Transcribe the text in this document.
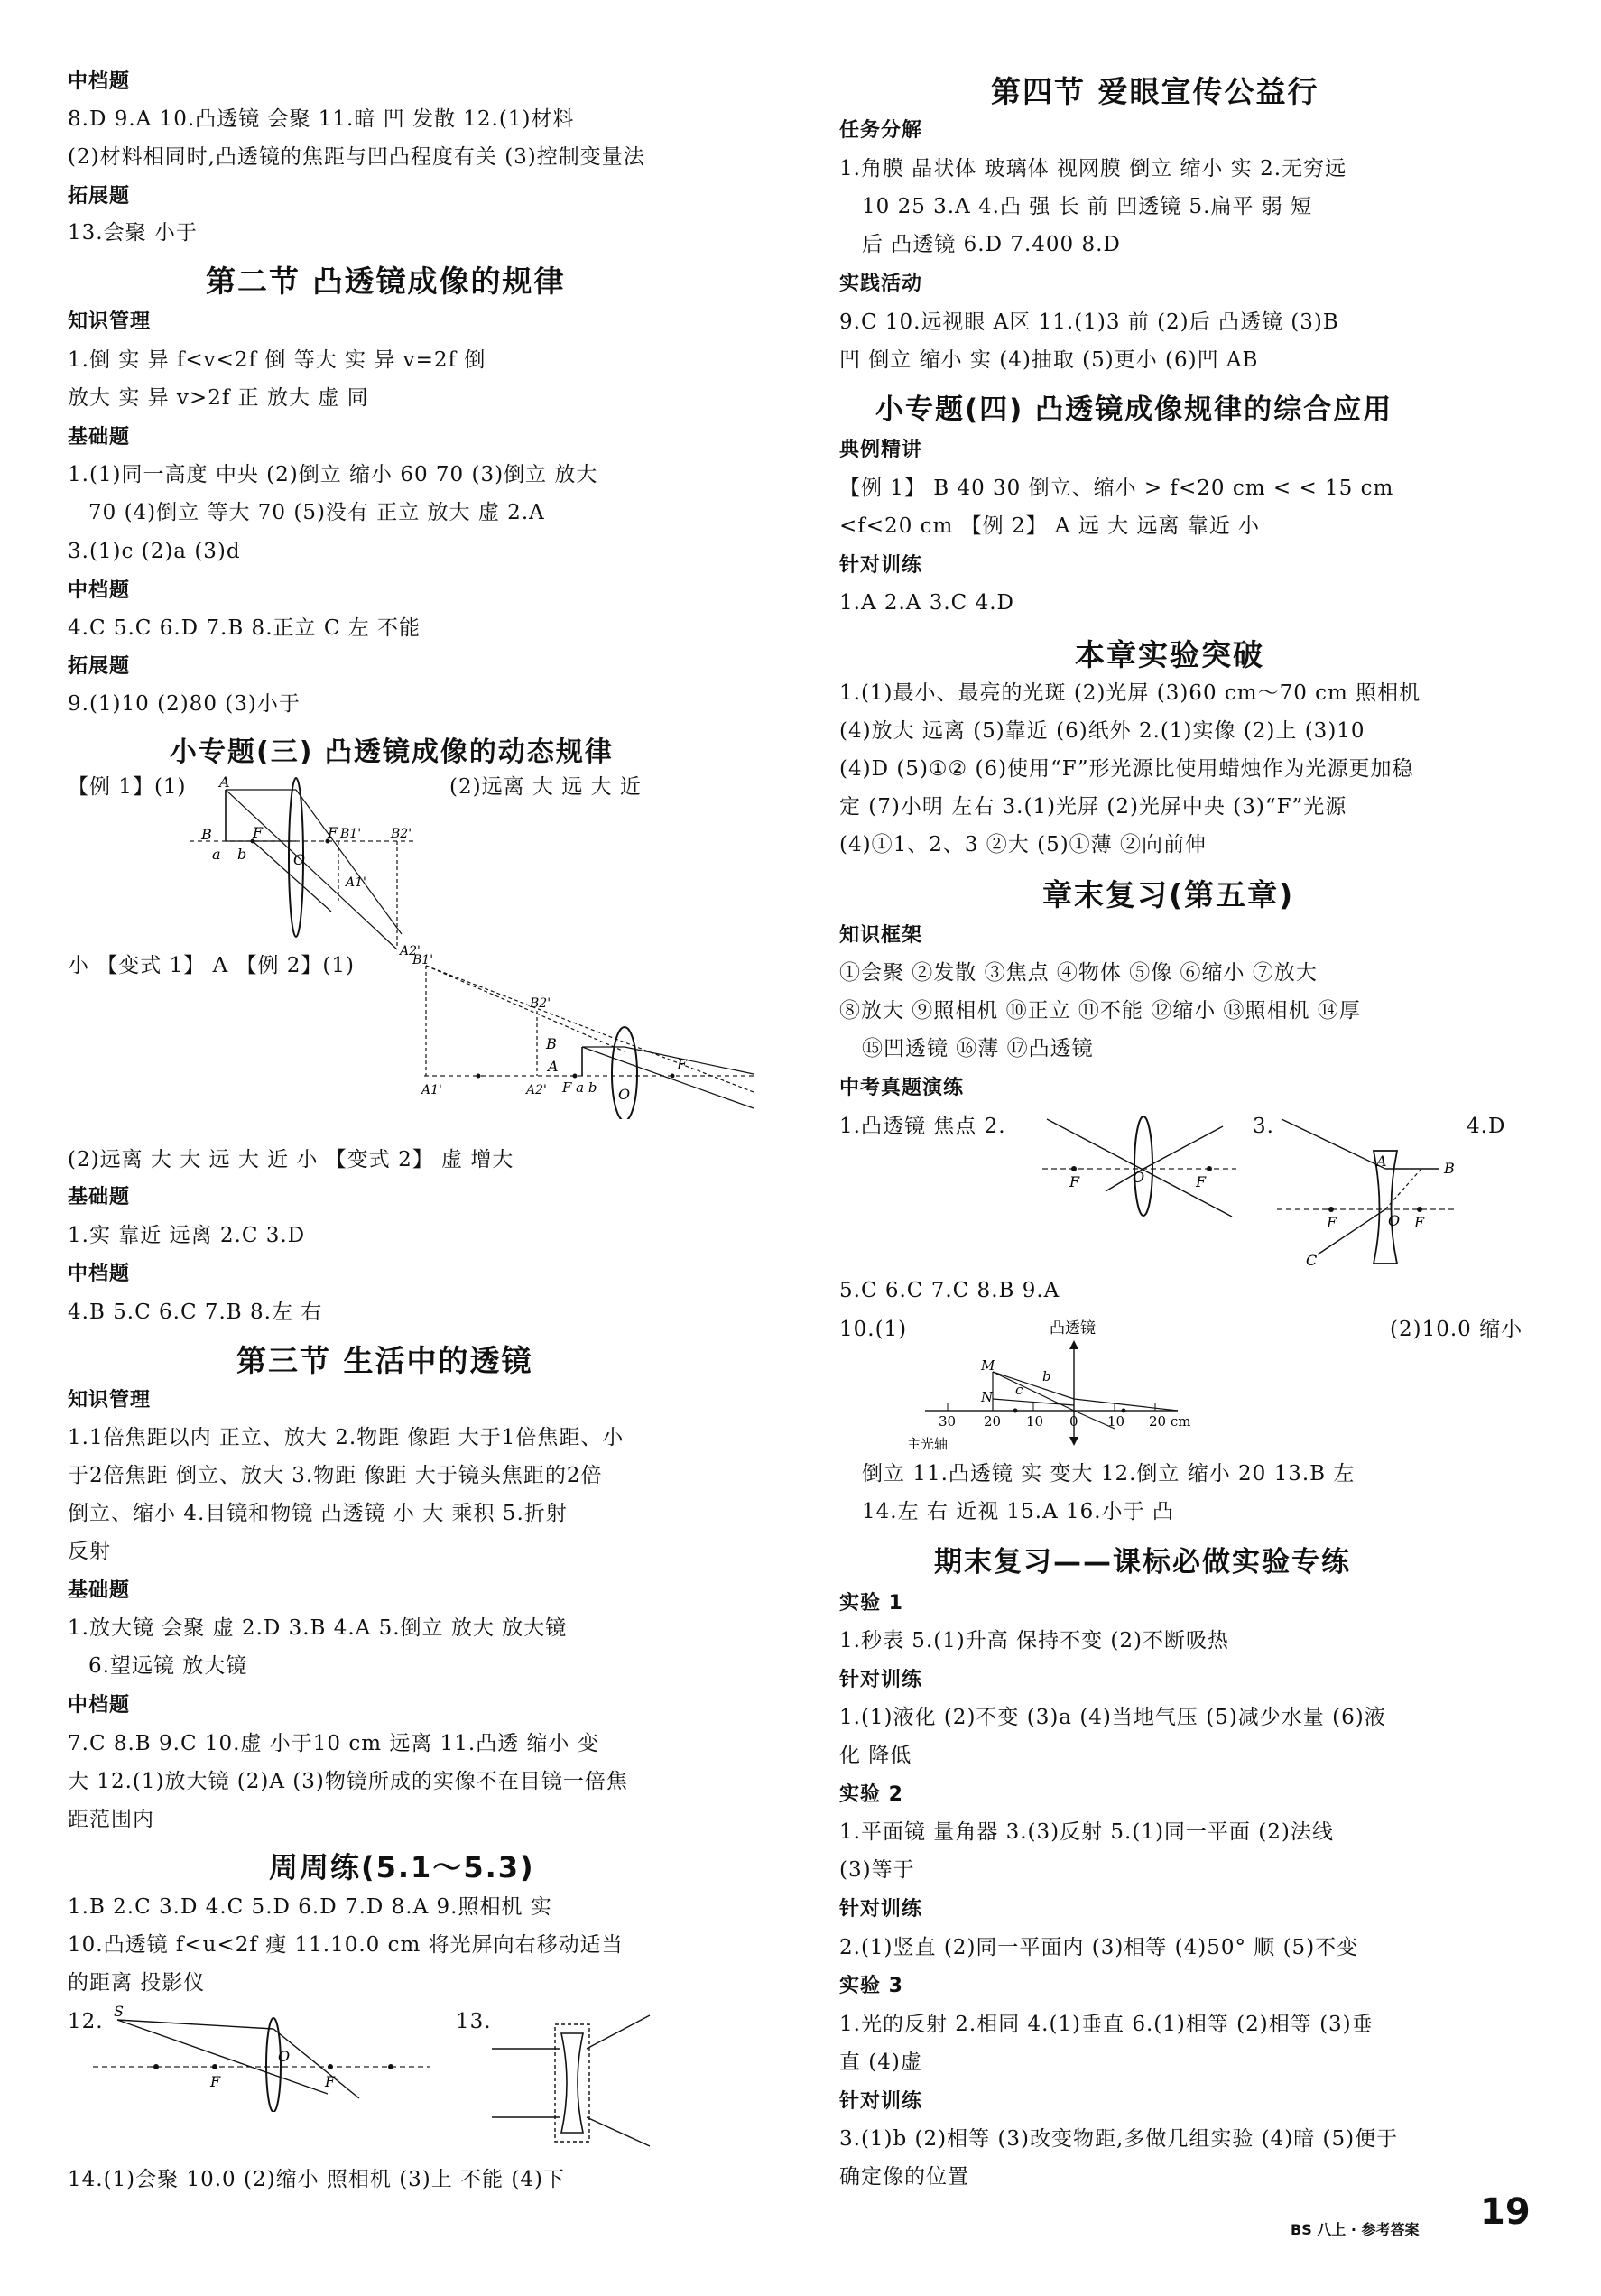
中档题
8.D 9.A 10.凸透镜 会聚 11.暗 凹 发散 12.(1)材料
(2)材料相同时,凸透镜的焦距与凹凸程度有关 (3)控制变量法
拓展题
13.会聚 小于
第二节 凸透镜成像的规律
知识管理
1.倒 实 异 f<v<2f 倒 等大 实 异 v=2f 倒
放大 实 异 v>2f 正 放大 虚 同
基础题
1.(1)同一高度 中央 (2)倒立 缩小 60 70 (3)倒立 放大
70 (4)倒立 等大 70 (5)没有 正立 放大 虚 2.A
3.(1)c (2)a (3)d
中档题
4.C 5.C 6.D 7.B 8.正立 C 左 不能
拓展题
9.(1)10 (2)80 (3)小于
小专题(三) 凸透镜成像的动态规律
【例 1】(1)	(2)远离 大 远 大 近
A
B	F	F
O
B1' B2'
A1'
A2'
a b
小 【变式 1】 A 【例 2】(1)	B1'
B2'
B
A
F a b O
F
A1'	A2'
(2)远离 大 大 远 大 近 小 【变式 2】 虚 增大
基础题
1.实 靠近 远离 2.C 3.D
中档题
4.B 5.C 6.C 7.B 8.左 右
第三节 生活中的透镜
知识管理
1.1倍焦距以内 正立、放大 2.物距 像距 大于1倍焦距、小
于2倍焦距 倒立、放大 3.物距 像距 大于镜头焦距的2倍
倒立、缩小 4.目镜和物镜 凸透镜 小 大 乘积 5.折射
反射
基础题
1.放大镜 会聚 虚 2.D 3.B 4.A 5.倒立 放大 放大镜
6.望远镜 放大镜
中档题
7.C 8.B 9.C 10.虚 小于10 cm 远离 11.凸透 缩小 变
大 12.(1)放大镜 (2)A (3)物镜所成的实像不在目镜一倍焦
距范围内
周周练(5.1～5.3)
1.B 2.C 3.D 4.C 5.D 6.D 7.D 8.A 9.照相机 实
10.凸透镜 f<u<2f 瘦 11.10.0 cm 将光屏向右移动适当
的距离 投影仪
12. S
F
O
F
13.
14.(1)会聚 10.0 (2)缩小 照相机 (3)上 不能 (4)下
第四节 爱眼宣传公益行
任务分解
1.角膜 晶状体 玻璃体 视网膜 倒立 缩小 实 2.无穷远
10 25 3.A 4.凸 强 长 前 凹透镜 5.扁平 弱 短
后 凸透镜 6.D 7.400 8.D
实践活动
9.C 10.远视眼 A区 11.(1)3 前 (2)后 凸透镜 (3)B
凹 倒立 缩小 实 (4)抽取 (5)更小 (6)凹 AB
小专题(四) 凸透镜成像规律的综合应用
典例精讲
【例 1】 B 40 30 倒立、缩小 > f<20 cm < < 15 cm
<f<20 cm 【例 2】 A 远 大 远离 靠近 小
针对训练
1.A 2.A 3.C 4.D
本章实验突破
1.(1)最小、最亮的光斑 (2)光屏 (3)60 cm～70 cm 照相机
(4)放大 远离 (5)靠近 (6)纸外 2.(1)实像 (2)上 (3)10
(4)D (5)①② (6)使用“F”形光源比使用蜡烛作为光源更加稳
定 (7)小明 左右 3.(1)光屏 (2)光屏中央 (3)“F”光源
(4)①1、2、3 ②大 (5)①薄 ②向前伸
章末复习(第五章)
知识框架
①会聚 ②发散 ③焦点 ④物体 ⑤像 ⑥缩小 ⑦放大
⑧放大 ⑨照相机 ⑩正立 ⑪不能 ⑫缩小 ⑬照相机 ⑭厚
⑮凹透镜 ⑯薄 ⑰凸透镜
中考真题演练
1.凸透镜 焦点 2.
F	O	F
3.
A	B
F	O F
C
4.D
5.C 6.C 7.C 8.B 9.A
10.(1)	凸透镜
M
N c
b
30 20 10 0 10 20 cm
主光轴
(2)10.0 缩小
倒立 11.凸透镜 实 变大 12.倒立 缩小 20 13.B 左
14.左 右 近视 15.A 16.小于 凸
期末复习——课标必做实验专练
实验 1
1.秒表 5.(1)升高 保持不变 (2)不断吸热
针对训练
1.(1)液化 (2)不变 (3)a (4)当地气压 (5)减少水量 (6)液
化 降低
实验 2
1.平面镜 量角器 3.(3)反射 5.(1)同一平面 (2)法线
(3)等于
针对训练
2.(1)竖直 (2)同一平面内 (3)相等 (4)50° 顺 (5)不变
实验 3
1.光的反射 2.相同 4.(1)垂直 6.(1)相等 (2)相等 (3)垂
直 (4)虚
针对训练
3.(1)b (2)相等 (3)改变物距,多做几组实验 (4)暗 (5)便于
确定像的位置
BS 八上 · 参考答案 19
